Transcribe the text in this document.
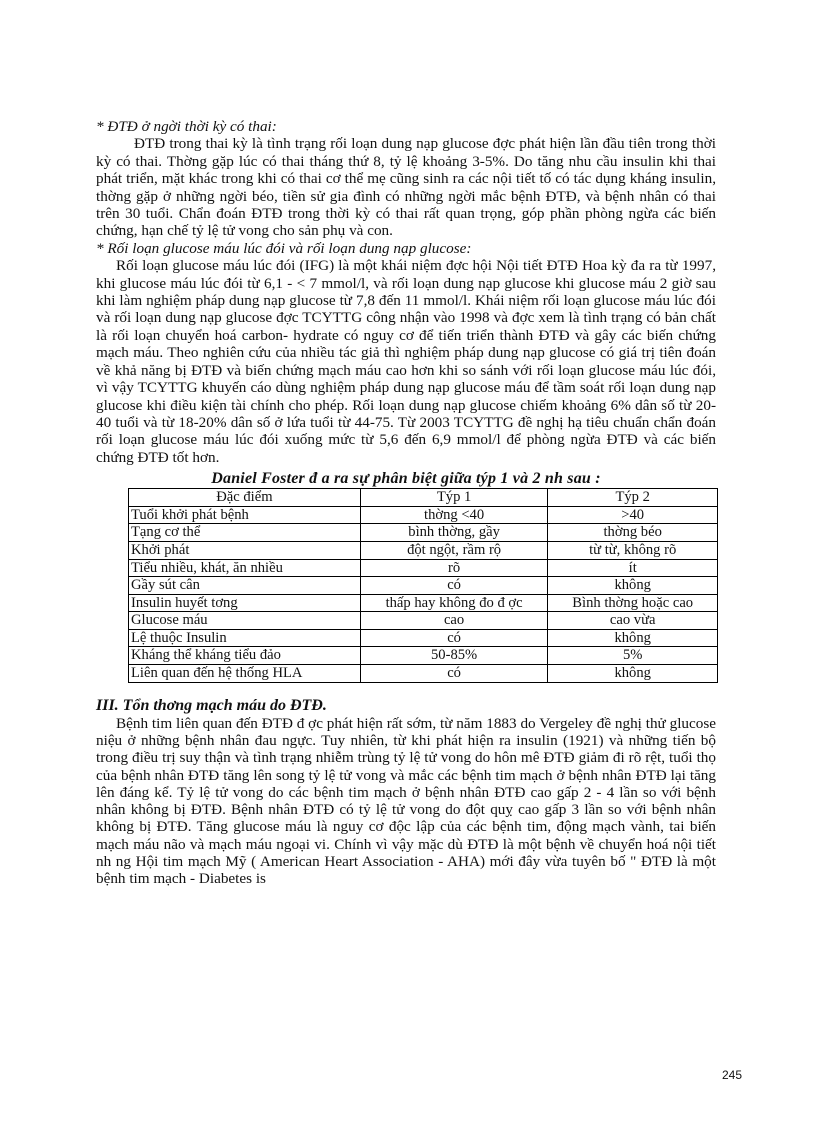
* ĐTĐ ở ngời thời kỳ có thai:

ĐTĐ trong thai kỳ là tình trạng rối loạn dung nạp glucose đợc phát hiện lần đầu tiên trong thời kỳ có thai. Thờng gặp lúc có thai tháng thứ 8, tỷ lệ khoảng 3-5%. Do tăng nhu cầu insulin khi thai phát triển, mặt khác trong khi có thai cơ thể mẹ cũng sinh ra các nội tiết tố có tác dụng kháng insulin, thờng gặp ở những ngời béo, tiền sử gia đình có những ngời mắc bệnh ĐTĐ, và bệnh nhân có thai trên 30 tuổi. Chẩn đoán ĐTĐ trong thời kỳ có thai rất quan trọng, góp phần phòng ngừa các biến chứng, hạn chế tỷ lệ tử vong cho sản phụ và con.

* Rối loạn glucose máu lúc đói và rối loạn dung nạp glucose:

Rối loạn glucose máu lúc đói (IFG) là một khái niệm đợc hội Nội tiết ĐTĐ Hoa kỳ đa ra từ 1997, khi glucose máu lúc đói từ 6,1 - < 7 mmol/l, và rối loạn dung nạp glucose khi glucose máu 2 giờ sau khi làm nghiệm pháp dung nạp glucose từ 7,8 đến 11 mmol/l. Khái niệm rối loạn glucose máu lúc đói và rối loạn dung nạp glucose đợc TCYTTG công nhận vào 1998 và đợc xem là tình trạng có bản chất là rối loạn chuyển hoá carbon- hydrate có nguy cơ để tiến triển thành ĐTĐ và gây các biến chứng mạch máu. Theo nghiên cứu của nhiều tác giả thì nghiệm pháp dung nạp glucose có giá trị tiên đoán về khả năng bị ĐTĐ và biến chứng mạch máu cao hơn khi so sánh với rối loạn glucose máu lúc đói, vì vậy TCYTTG khuyến cáo dùng nghiệm pháp dung nạp glucose máu để tầm soát rối loạn dung nạp glucose khi điều kiện tài chính cho phép. Rối loạn dung nạp glucose chiếm khoảng 6% dân số từ 20-40 tuổi và từ 18-20% dân số ở lứa tuổi từ 44-75. Từ 2003 TCYTTG đề nghị hạ tiêu chuẩn chẩn đoán rối loạn glucose máu lúc đói xuống mức từ 5,6 đến 6,9 mmol/l để phòng ngừa ĐTĐ và các biến chứng ĐTĐ tốt hơn.

Daniel Foster đ a ra sự phân biệt giữa týp 1 và 2 nh sau :
Đặc điểm	Týp 1	Týp 2
Tuổi khởi phát bệnh	thờng <40	>40
Tạng cơ thể	bình thờng, gầy	thờng béo
Khởi phát	đột ngột, rầm rộ	từ từ, không rõ
Tiểu nhiều, khát, ăn nhiều	rõ	ít
Gầy sút cân	có	không
Insulin huyết tơng	thấp hay không đo đ ợc	Bình thờng hoặc cao
Glucose máu	cao	cao vừa
Lệ thuộc Insulin	có	không
Kháng thể kháng tiểu đảo	50-85%	5%
Liên quan đến hệ thống HLA	có	không
III. Tổn thơng mạch máu do ĐTĐ.

Bệnh tim liên quan đến ĐTĐ đ ợc phát hiện rất sớm, từ năm 1883 do Vergeley đề nghị thử glucose niệu ở những bệnh nhân đau ngực. Tuy nhiên, từ khi phát hiện ra insulin (1921) và những tiến bộ trong điều trị suy thận và tình trạng nhiễm trùng tỷ lệ tử vong do hôn mê ĐTĐ giảm đi rõ rệt, tuổi thọ của bệnh nhân ĐTĐ tăng lên song tỷ lệ tử vong và mắc các bệnh tim mạch ở bệnh nhân ĐTĐ lại tăng lên đáng kể. Tỷ lệ tử vong do các bệnh tim mạch ở bệnh nhân ĐTĐ cao gấp 2 - 4 lần so với bệnh nhân không bị ĐTĐ. Bệnh nhân ĐTĐ có tỷ lệ tử vong do đột quỵ cao gấp 3 lần so với bệnh nhân không bị ĐTĐ. Tăng glucose máu là nguy cơ độc lập của các bệnh tim, động mạch vành, tai biến mạch máu não và mạch máu ngoại vi. Chính vì vậy mặc dù ĐTĐ là một bệnh về chuyển hoá nội tiết nh ng Hội tim mạch Mỹ ( American Heart Association - AHA) mới đây vừa tuyên bố " ĐTĐ là một bệnh tim mạch - Diabetes is

245
